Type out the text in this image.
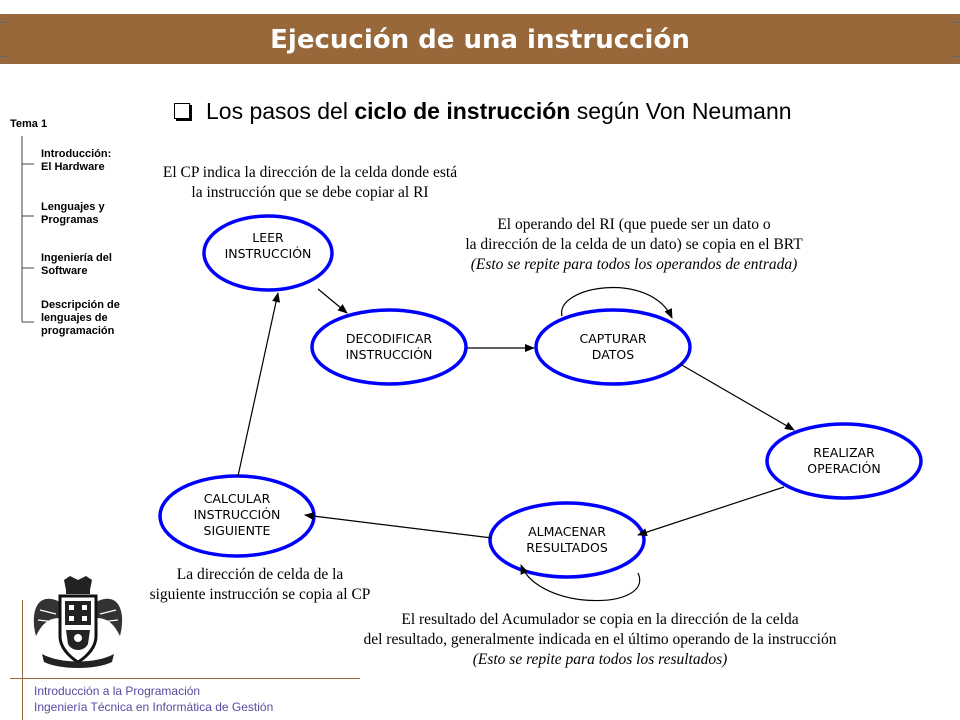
Ejecución de una instrucción
Los pasos del ciclo de instrucción según Von Neumann
Tema 1
Introducción:
El Hardware
Lenguajes y
Programas
Ingeniería del
Software
Descripción de
lenguajes de
programación
LEER
INSTRUCCIÓN
DECODIFICAR
INSTRUCCIÓN
CAPTURAR
DATOS
REALIZAR
OPERACIÓN
ALMACENAR
RESULTADOS
CALCULAR
INSTRUCCIÓN
SIGUIENTE
El CP indica la dirección de la celda donde está
la instrucción que se debe copiar al RI
El operando del RI (que puede ser un dato o
la dirección de la celda de un dato) se copia en el BRT
(Esto se repite para todos los operandos de entrada)
La dirección de celda de la
siguiente instrucción se copia al CP
El resultado del Acumulador se copia en la dirección de la celda
del resultado, generalmente indicada en el último operando de la instrucción
(Esto se repite para todos los resultados)
Introducción a la Programación
Ingeniería Técnica en Informática de Gestión
